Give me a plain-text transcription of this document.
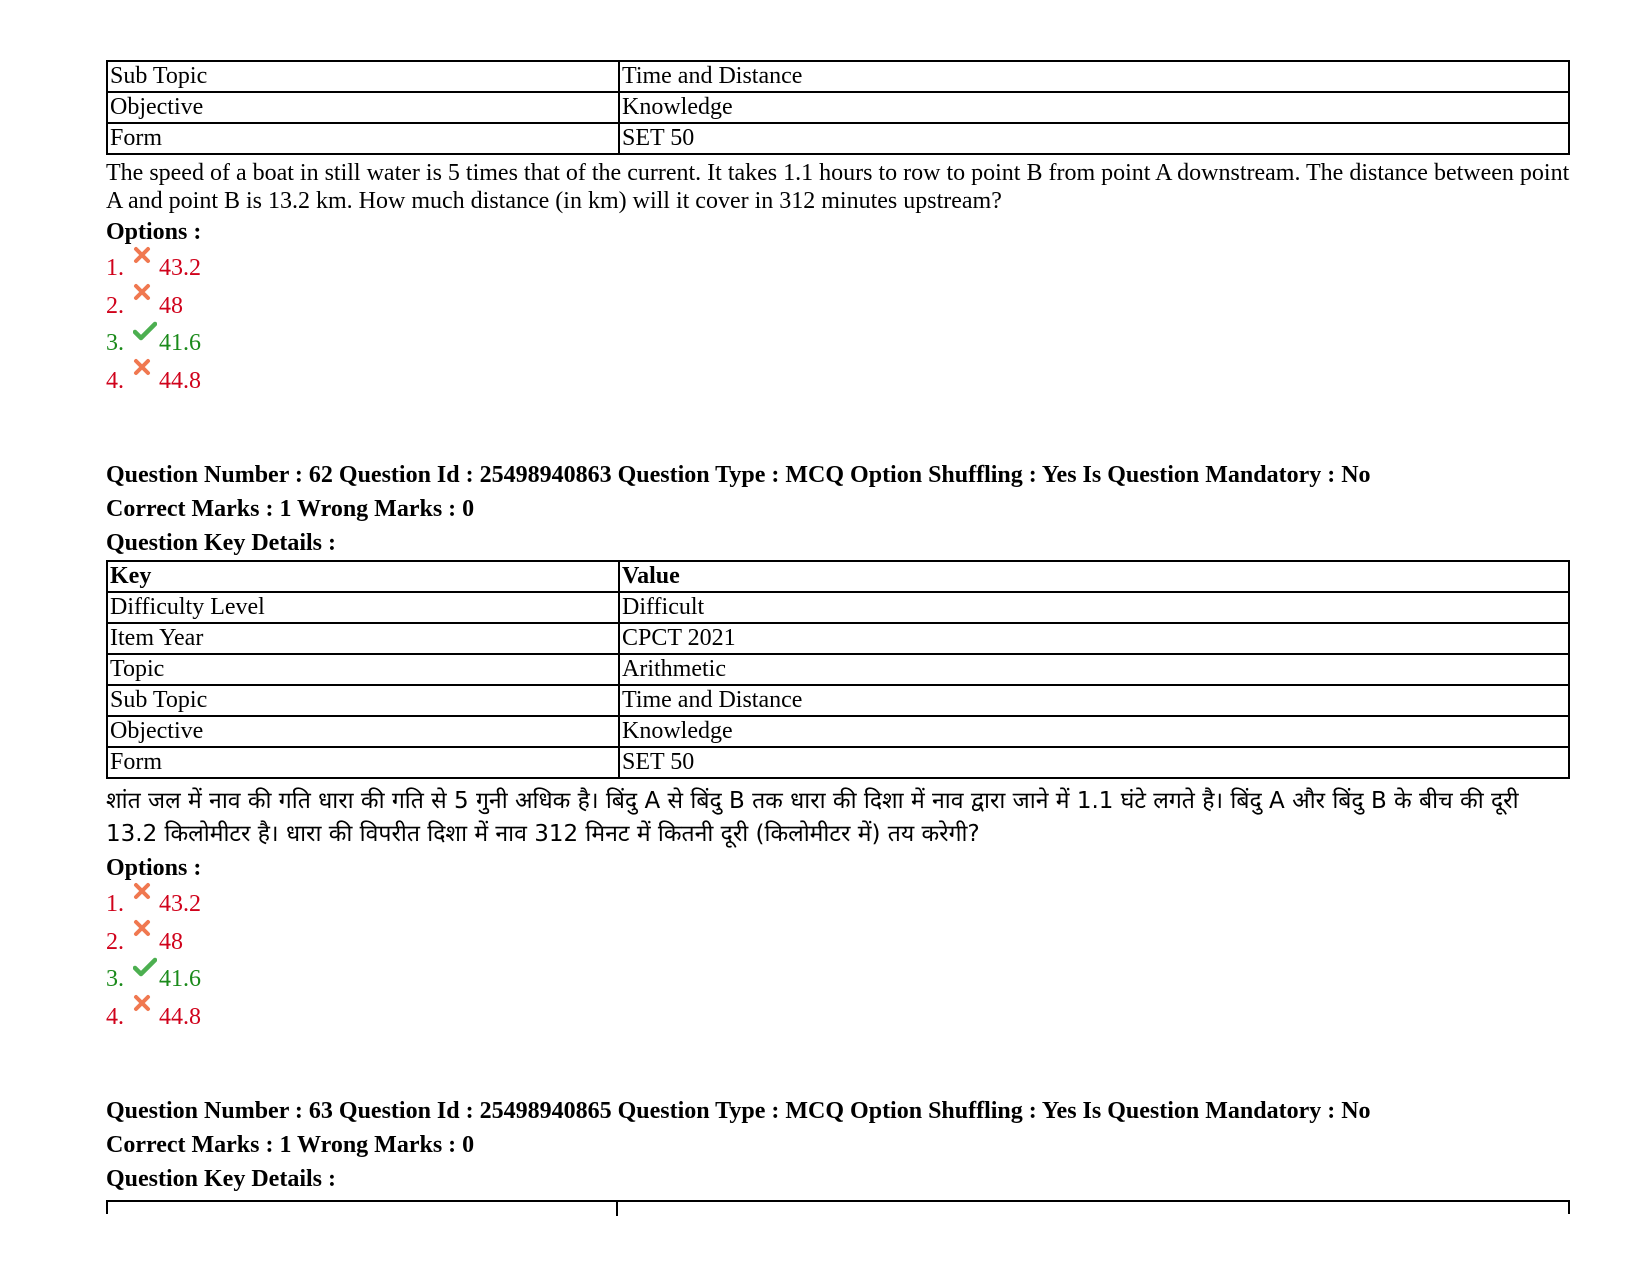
Sub Topic	Time and Distance
Objective	Knowledge
Form	SET 50
The speed of a boat in still water is 5 times that of the current. It takes 1.1 hours to row to point B from point A downstream. The distance between point A and point B is 13.2 km. How much distance (in km) will it cover in 312 minutes upstream?
Options :
1.	43.2
2.	48
3.	41.6
4.	44.8
Question Number : 62 Question Id : 25498940863 Question Type : MCQ Option Shuffling : Yes Is Question Mandatory : No
Correct Marks : 1 Wrong Marks : 0
Question Key Details :
Key	Value
Difficulty Level	Difficult
Item Year	CPCT 2021
Topic	Arithmetic
Sub Topic	Time and Distance
Objective	Knowledge
Form	SET 50
शांत जल में नाव की गति धारा की गति से 5 गुनी अधिक है। बिंदु A से बिंदु B तक धारा की दिशा में नाव द्वारा जाने में 1.1 घंटे लगते है। बिंदु A और बिंदु B के बीच की दूरी 13.2 किलोमीटर है। धारा की विपरीत दिशा में नाव 312 मिनट में कितनी दूरी (किलोमीटर में) तय करेगी?
Options :
1.	43.2
2.	48
3.	41.6
4.	44.8
Question Number : 63 Question Id : 25498940865 Question Type : MCQ Option Shuffling : Yes Is Question Mandatory : No
Correct Marks : 1 Wrong Marks : 0
Question Key Details :
